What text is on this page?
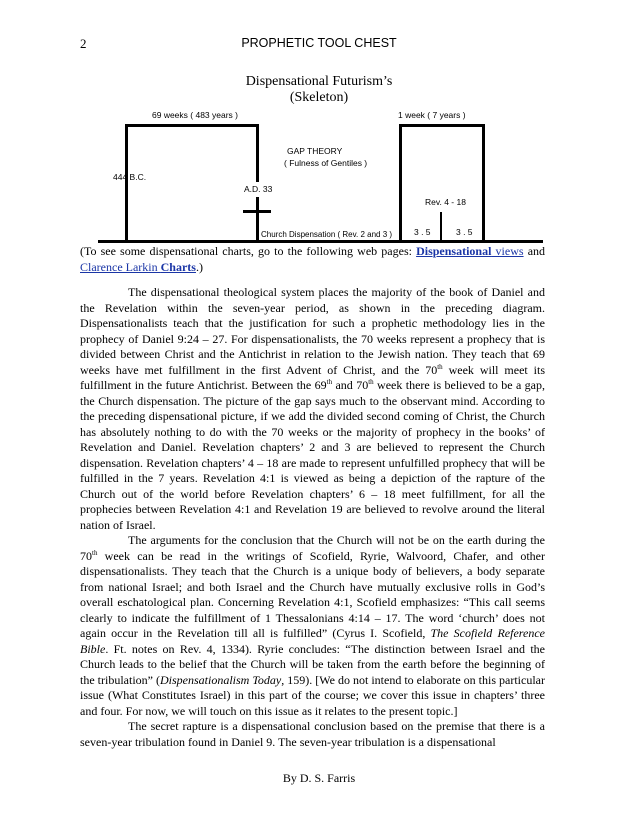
2	PROPHETIC TOOL CHEST
Dispensational Futurism’s
(Skeleton)
69 weeks ( 483 years )	1 week ( 7 years )
GAP THEORY
( Fulness of Gentiles )
444 B.C.
A.D. 33
Rev. 4 - 18
Church Dispensation ( Rev. 2 and 3 )	3 . 5	3 . 5

(To see some dispensational charts, go to the following web pages: Dispensational views and Clarence Larkin Charts.)

The dispensational theological system places the majority of the book of Daniel and the Revelation within the seven-year period, as shown in the preceding diagram. Dispensationalists teach that the justification for such a prophetic methodology lies in the prophecy of Daniel 9:24 – 27. For dispensationalists, the 70 weeks represent a prophecy that is divided between Christ and the Antichrist in relation to the Jewish nation. They teach that 69 weeks have met fulfillment in the first Advent of Christ, and the 70th week will meet its fulfillment in the future Antichrist. Between the 69th and 70th week there is believed to be a gap, the Church dispensation. The picture of the gap says much to the observant mind. According to the preceding dispensational picture, if we add the divided second coming of Christ, the Church has absolutely nothing to do with the 70 weeks or the majority of prophecy in the books’ of Revelation and Daniel. Revelation chapters’ 2 and 3 are believed to represent the Church dispensation. Revelation chapters’ 4 – 18 are made to represent unfulfilled prophecy that will be fulfilled in the 7 years. Revelation 4:1 is viewed as being a depiction of the rapture of the Church out of the world before Revelation chapters’ 6 – 18 meet fulfillment, for all the prophecies between Revelation 4:1 and Revelation 19 are believed to revolve around the literal nation of Israel.

The arguments for the conclusion that the Church will not be on the earth during the 70th week can be read in the writings of Scofield, Ryrie, Walvoord, Chafer, and other dispensationalists. They teach that the Church is a unique body of believers, a body separate from national Israel; and both Israel and the Church have mutually exclusive rolls in God’s overall eschatological plan. Concerning Revelation 4:1, Scofield emphasizes: “This call seems clearly to indicate the fulfillment of 1 Thessalonians 4:14 – 17. The word ‘church’ does not again occur in the Revelation till all is fulfilled” (Cyrus I. Scofield, The Scofield Reference Bible. Ft. notes on Rev. 4, 1334). Ryrie concludes: “The distinction between Israel and the Church leads to the belief that the Church will be taken from the earth before the beginning of the tribulation” (Dispensationalism Today, 159). [We do not intend to elaborate on this particular issue (What Constitutes Israel) in this part of the course; we cover this issue in chapters’ three and four. For now, we will touch on this issue as it relates to the present topic.]

The secret rapture is a dispensational conclusion based on the premise that there is a seven-year tribulation found in Daniel 9. The seven-year tribulation is a dispensational

By D. S. Farris
